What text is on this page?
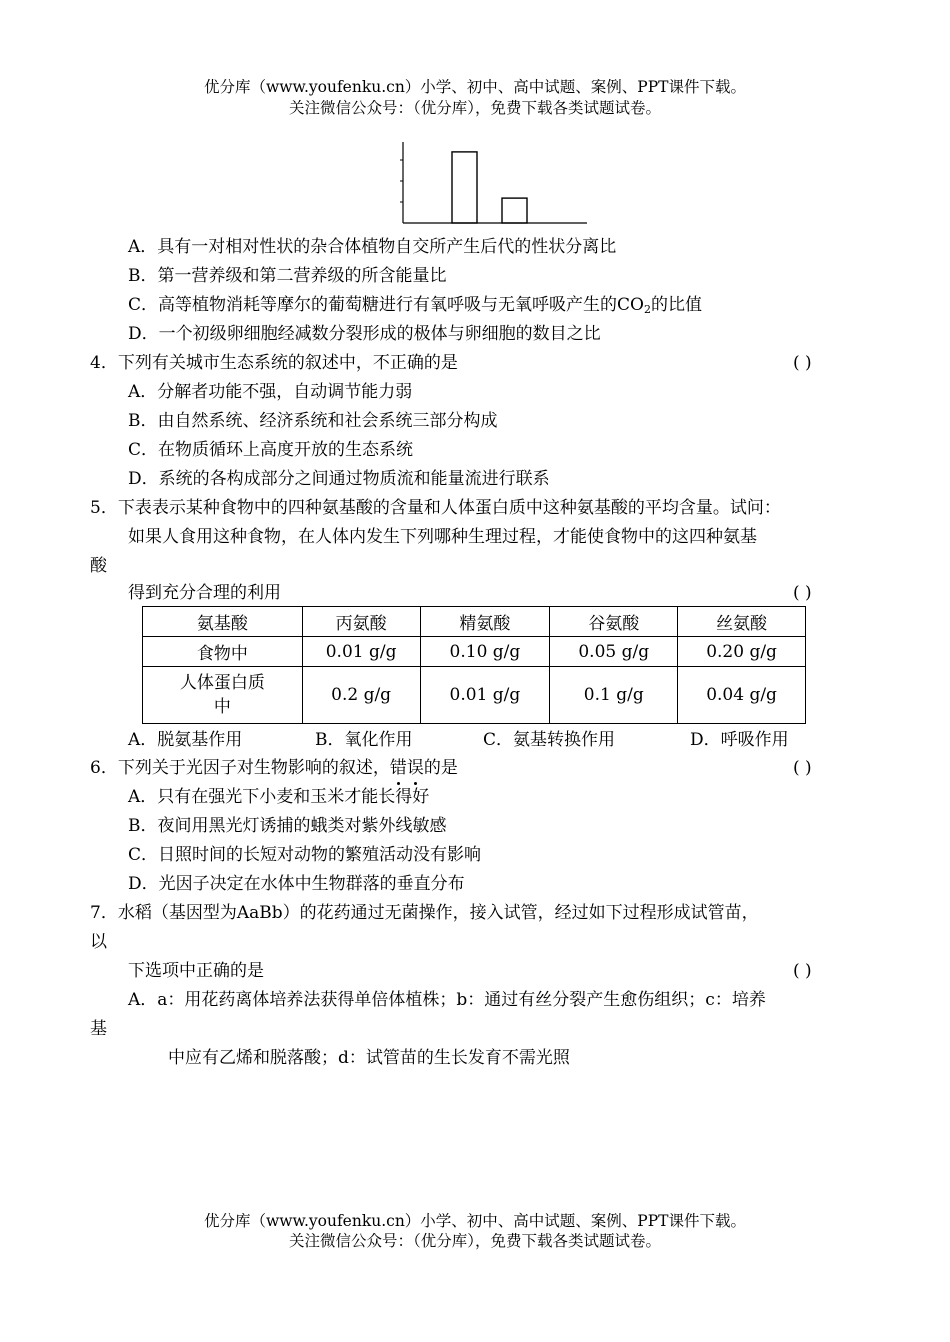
优分库（www.youfenku.cn）小学、初中、高中试题、案例、PPT课件下载。
关注微信公众号：（优分库），免费下载各类试题试卷。
A．具有一对相对性状的杂合体植物自交所产生后代的性状分离比
B．第一营养级和第二营养级的所含能量比
C．高等植物消耗等摩尔的葡萄糖进行有氧呼吸与无氧呼吸产生的$CO_2$的比值
D．一个初级卵细胞经减数分裂形成的极体与卵细胞的数目之比
4．下列有关城市生态系统的叙述中，不正确的是	( )
A．分解者功能不强，自动调节能力弱
B．由自然系统、经济系统和社会系统三部分构成
C．在物质循环上高度开放的生态系统
D．系统的各构成部分之间通过物质流和能量流进行联系
5．下表表示某种食物中的四种氨基酸的含量和人体蛋白质中这种氨基酸的平均含量。试问：
如果人食用这种食物，在人体内发生下列哪种生理过程，才能使食物中的这四种氨基
酸
得到充分合理的利用	( )
氨基酸	丙氨酸	精氨酸	谷氨酸	丝氨酸
食物中	0.01 g/g	0.10 g/g	0.05 g/g	0.20 g/g
人体蛋白质
中	0.2 g/g	0.01 g/g	0.1 g/g	0.04 g/g
A．脱氨基作用	B．氧化作用	C．氨基转换作用	D．呼吸作用
6．下列关于光因子对生物影响的叙述，错误的是	( )
A．只有在强光下小麦和玉米才能长得好
B．夜间用黑光灯诱捕的蛾类对紫外线敏感
C．日照时间的长短对动物的繁殖活动没有影响
D．光因子决定在水体中生物群落的垂直分布
7．水稻（基因型为AaBb）的花药通过无菌操作，接入试管，经过如下过程形成试管苗，
以
下选项中正确的是	( )
A．a：用花药离体培养法获得单倍体植株；b：通过有丝分裂产生愈伤组织；c：培养
基
中应有乙烯和脱落酸；d：试管苗的生长发育不需光照
优分库（www.youfenku.cn）小学、初中、高中试题、案例、PPT课件下载。
关注微信公众号：（优分库），免费下载各类试题试卷。
